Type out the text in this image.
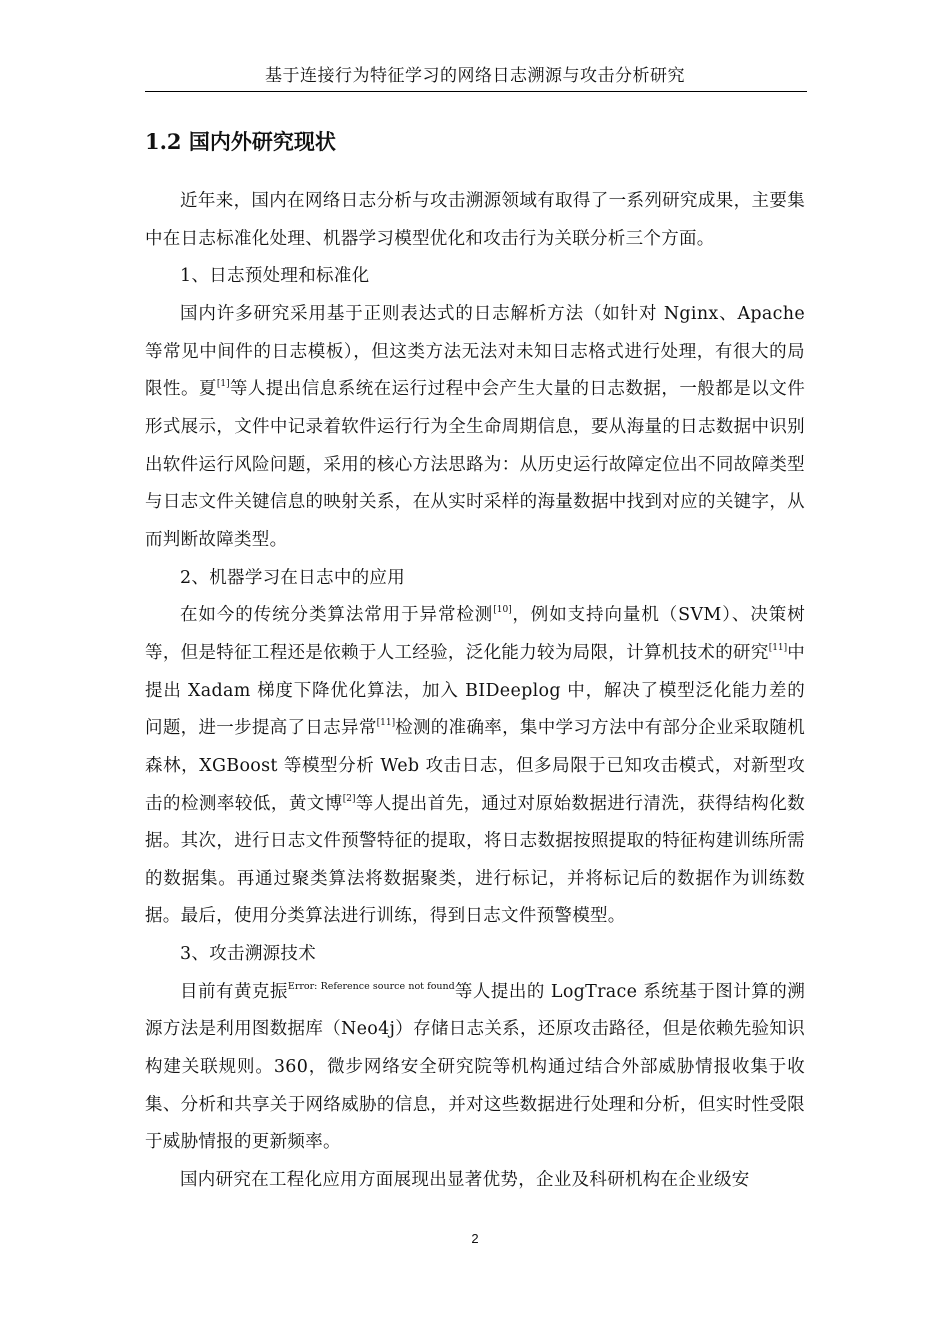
基于连接行为特征学习的网络日志溯源与攻击分析研究
1.2 国内外研究现状

近年来，国内在网络日志分析与攻击溯源领域有取得了一系列研究成果，主要集中在日志标准化处理、机器学习模型优化和攻击行为关联分析三个方面。

1、日志预处理和标准化

国内许多研究采用基于正则表达式的日志解析方法（如针对 Nginx、Apache 等常见中间件的日志模板），但这类方法无法对未知日志格式进行处理，有很大的局限性。夏[1]等人提出信息系统在运行过程中会产生大量的日志数据，一般都是以文件形式展示，文件中记录着软件运行行为全生命周期信息，要从海量的日志数据中识别出软件运行风险问题，采用的核心方法思路为：从历史运行故障定位出不同故障类型与日志文件关键信息的映射关系，在从实时采样的海量数据中找到对应的关键字，从而判断故障类型。

2、机器学习在日志中的应用

在如今的传统分类算法常用于异常检测[10]，例如支持向量机（SVM）、决策树等，但是特征工程还是依赖于人工经验，泛化能力较为局限，计算机技术的研究[11]中提出 Xadam 梯度下降优化算法，加入 BIDeeplog 中，解决了模型泛化能力差的问题，进一步提高了日志异常[11]检测的准确率，集中学习方法中有部分企业采取随机森林，XGBoost 等模型分析 Web 攻击日志，但多局限于已知攻击模式，对新型攻击的检测率较低，黄文博[2]等人提出首先，通过对原始数据进行清洗，获得结构化数据。其次，进行日志文件预警特征的提取，将日志数据按照提取的特征构建训练所需的数据集。再通过聚类算法将数据聚类，进行标记，并将标记后的数据作为训练数据。最后，使用分类算法进行训练，得到日志文件预警模型。

3、攻击溯源技术

目前有黄克振$^{Error: Reference source not found}$等人提出的 LogTrace 系统基于图计算的溯源方法是利用图数据库（Neo4j）存储日志关系，还原攻击路径，但是依赖先验知识构建关联规则。360，微步网络安全研究院等机构通过结合外部威胁情报收集于收集、分析和共享关于网络威胁的信息，并对这些数据进行处理和分析，但实时性受限于威胁情报的更新频率。

国内研究在工程化应用方面展现出显著优势，企业及科研机构在企业级安

2
